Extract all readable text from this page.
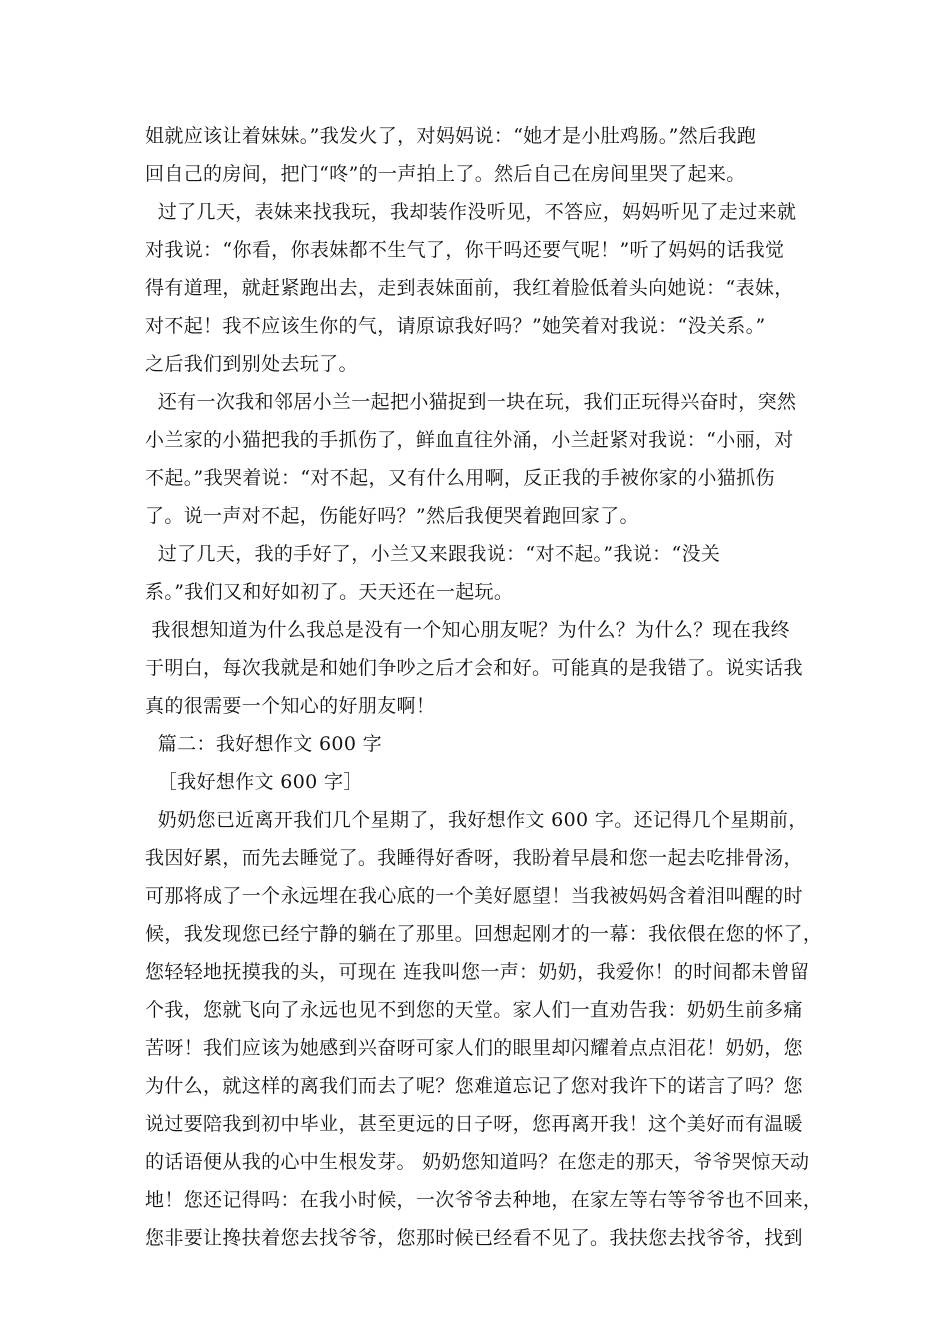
姐就应该让着妹妹。”我发火了，对妈妈说：“她才是小肚鸡肠。”然后我跑
回自己的房间，把门“咚”的一声拍上了。然后自己在房间里哭了起来。
过了几天，表妹来找我玩，我却装作没听见，不答应，妈妈听见了走过来就
对我说：“你看，你表妹都不生气了，你干吗还要气呢！”听了妈妈的话我觉
得有道理，就赶紧跑出去，走到表妹面前，我红着脸低着头向她说：“表妹，
对不起！我不应该生你的气，请原谅我好吗？”她笑着对我说：“没关系。”
之后我们到别处去玩了。
还有一次我和邻居小兰一起把小猫捉到一块在玩，我们正玩得兴奋时，突然
小兰家的小猫把我的手抓伤了，鲜血直往外涌，小兰赶紧对我说：“小丽，对
不起。”我哭着说：“对不起，又有什么用啊，反正我的手被你家的小猫抓伤
了。说一声对不起，伤能好吗？”然后我便哭着跑回家了。
过了几天，我的手好了，小兰又来跟我说：“对不起。”我说：“没关
系。”我们又和好如初了。天天还在一起玩。
我很想知道为什么我总是没有一个知心朋友呢？为什么？为什么？现在我终
于明白，每次我就是和她们争吵之后才会和好。可能真的是我错了。说实话我
真的很需要一个知心的好朋友啊！
篇二：我好想作文 600 字
［我好想作文 600 字］
奶奶您已近离开我们几个星期了，我好想作文 600 字。还记得几个星期前，
我因好累，而先去睡觉了。我睡得好香呀，我盼着早晨和您一起去吃排骨汤，
可那将成了一个永远埋在我心底的一个美好愿望！当我被妈妈含着泪叫醒的时
候，我发现您已经宁静的躺在了那里。回想起刚才的一幕：我依偎在您的怀了，
您轻轻地抚摸我的头，可现在 连我叫您一声：奶奶，我爱你！的时间都未曾留
个我，您就飞向了永远也见不到您的天堂。家人们一直劝告我：奶奶生前多痛
苦呀！我们应该为她感到兴奋呀可家人们的眼里却闪耀着点点泪花！奶奶，您
为什么，就这样的离我们而去了呢？您难道忘记了您对我许下的诺言了吗？您
说过要陪我到初中毕业，甚至更远的日子呀，您再离开我！这个美好而有温暖
的话语便从我的心中生根发芽。 奶奶您知道吗？在您走的那天，爷爷哭惊天动
地！您还记得吗：在我小时候，一次爷爷去种地，在家左等右等爷爷也不回来，
您非要让搀扶着您去找爷爷，您那时候已经看不见了。我扶您去找爷爷，找到
